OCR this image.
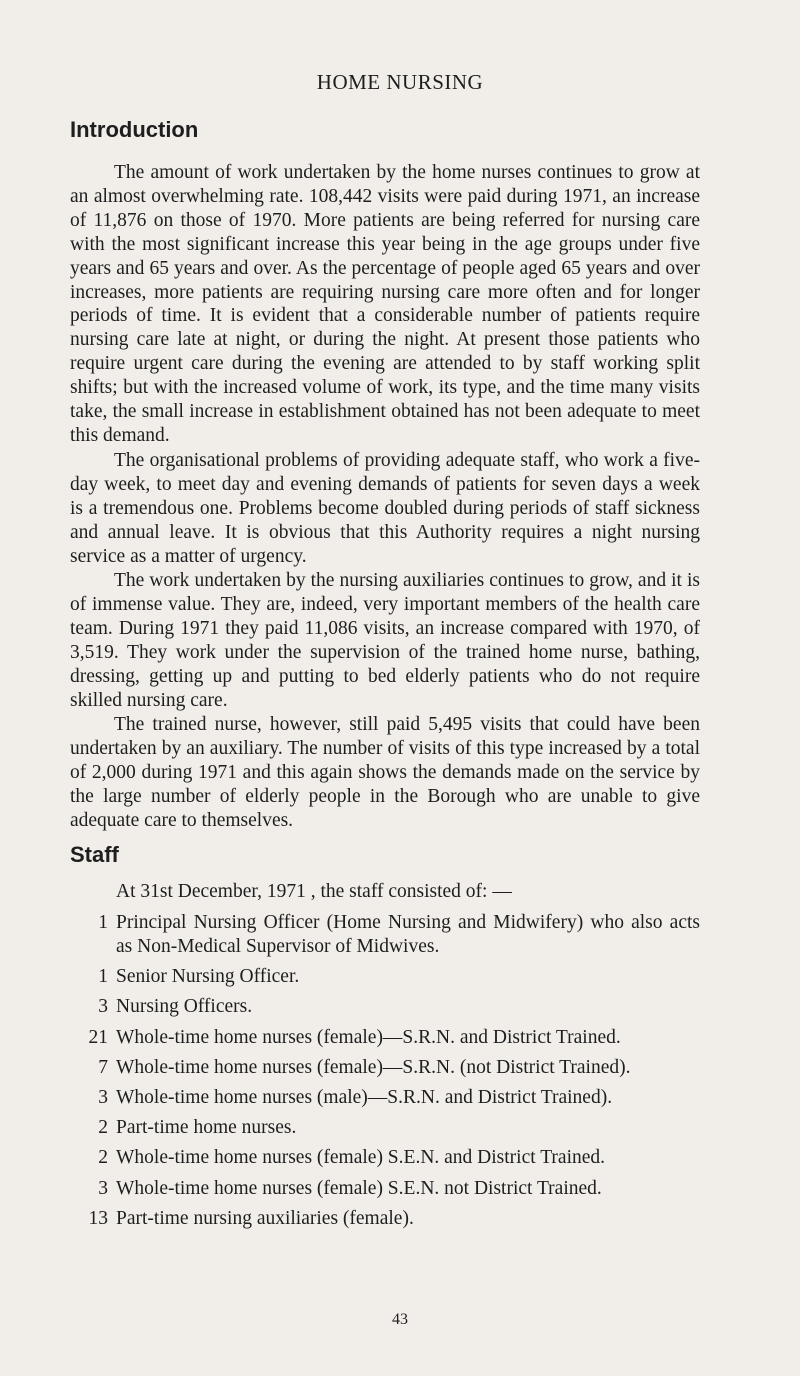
HOME NURSING
Introduction

The amount of work undertaken by the home nurses continues to grow at an almost overwhelming rate. 108,442 visits were paid during 1971, an increase of 11,876 on those of 1970. More patients are being referred for nursing care with the most significant increase this year being in the age groups under five years and 65 years and over. As the percentage of people aged 65 years and over increases, more patients are requiring nursing care more often and for longer periods of time. It is evident that a considerable number of patients require nursing care late at night, or during the night. At present those patients who require urgent care during the evening are attended to by staff working split shifts; but with the increased volume of work, its type, and the time many visits take, the small increase in establishment obtained has not been adequate to meet this demand.

The organisational problems of providing adequate staff, who work a five-day week, to meet day and evening demands of patients for seven days a week is a tremendous one. Problems become doubled during periods of staff sickness and annual leave. It is obvious that this Authority requires a night nursing service as a matter of urgency.

The work undertaken by the nursing auxiliaries continues to grow, and it is of immense value. They are, indeed, very important members of the health care team. During 1971 they paid 11,086 visits, an increase compared with 1970, of 3,519. They work under the supervision of the trained home nurse, bathing, dressing, getting up and putting to bed elderly patients who do not require skilled nursing care.

The trained nurse, however, still paid 5,495 visits that could have been undertaken by an auxiliary. The number of visits of this type increased by a total of 2,000 during 1971 and this again shows the demands made on the service by the large number of elderly people in the Borough who are unable to give adequate care to themselves.

Staff
At 31st December, 1971 , the staff consisted of: —
1 Principal Nursing Officer (Home Nursing and Midwifery) who also acts as Non-Medical Supervisor of Midwives.
1 Senior Nursing Officer.
3 Nursing Officers.
21 Whole-time home nurses (female)—S.R.N. and District Trained.
7 Whole-time home nurses (female)—S.R.N. (not District Trained).
3 Whole-time home nurses (male)—S.R.N. and District Trained).
2 Part-time home nurses.
2 Whole-time home nurses (female) S.E.N. and District Trained.
3 Whole-time home nurses (female) S.E.N. not District Trained.
13 Part-time nursing auxiliaries (female).
43
